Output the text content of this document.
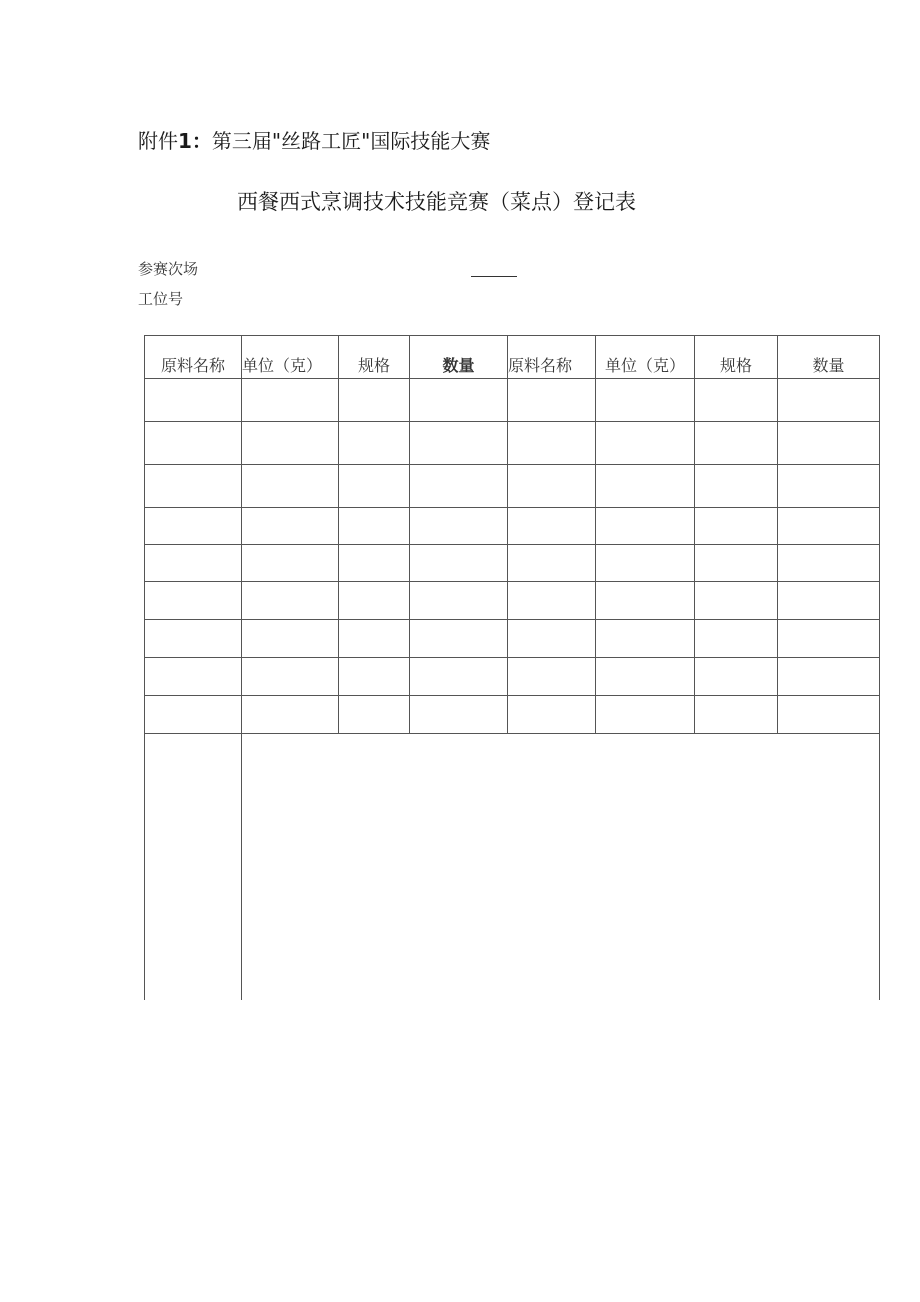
附件1：第三届"丝路工匠"国际技能大赛
西餐西式烹调技术技能竞赛（菜点）登记表
参赛次场
工位号
原料名称	单位（克）	规格	数量	原料名称	单位（克）	规格	数量
